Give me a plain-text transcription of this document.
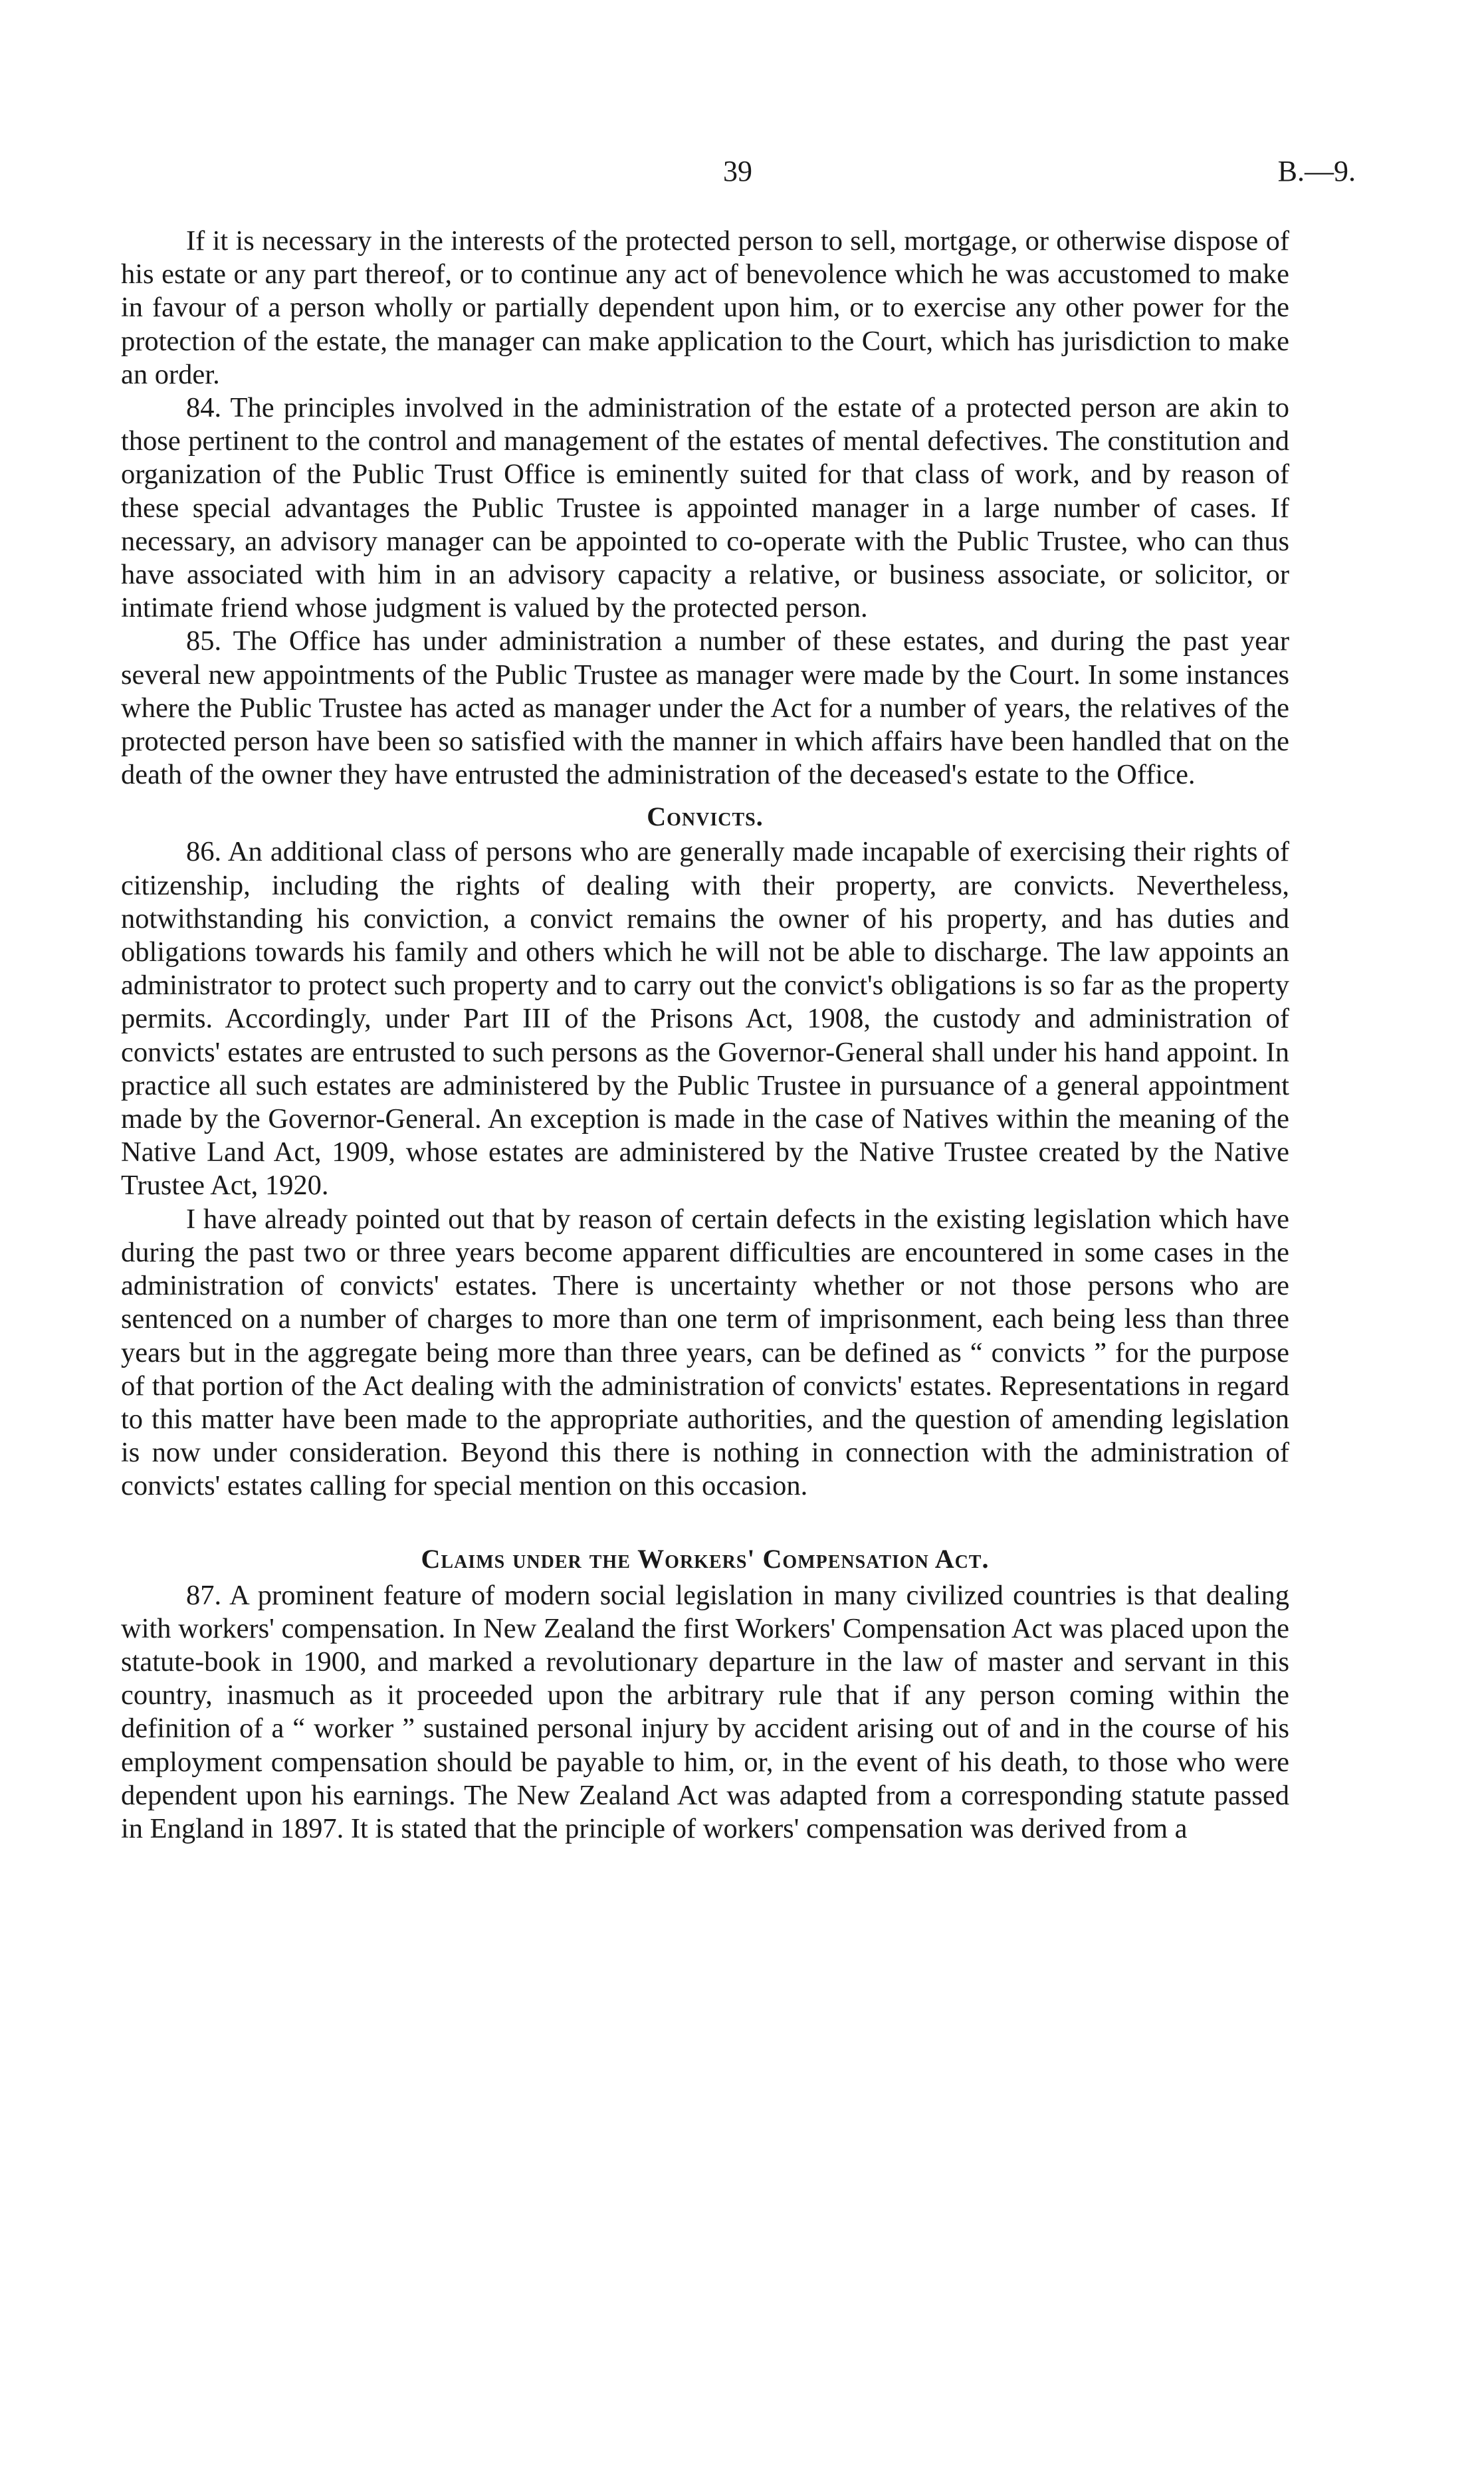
39	B.—9.

If it is necessary in the interests of the protected person to sell, mortgage, or otherwise dispose of his estate or any part thereof, or to continue any act of benevolence which he was accustomed to make in favour of a person wholly or partially dependent upon him, or to exercise any other power for the protection of the estate, the manager can make application to the Court, which has jurisdiction to make an order.

84. The principles involved in the administration of the estate of a protected person are akin to those pertinent to the control and management of the estates of mental defectives. The constitution and organization of the Public Trust Office is eminently suited for that class of work, and by reason of these special advantages the Public Trustee is appointed manager in a large number of cases. If necessary, an advisory manager can be appointed to co-operate with the Public Trustee, who can thus have associated with him in an advisory capacity a relative, or business associate, or solicitor, or intimate friend whose judgment is valued by the protected person.

85. The Office has under administration a number of these estates, and during the past year several new appointments of the Public Trustee as manager were made by the Court. In some instances where the Public Trustee has acted as manager under the Act for a number of years, the relatives of the protected person have been so satisfied with the manner in which affairs have been handled that on the death of the owner they have entrusted the administration of the deceased's estate to the Office.

Convicts.

86. An additional class of persons who are generally made incapable of exercising their rights of citizenship, including the rights of dealing with their property, are convicts. Nevertheless, notwithstanding his conviction, a convict remains the owner of his property, and has duties and obligations towards his family and others which he will not be able to discharge. The law appoints an administrator to protect such property and to carry out the convict's obligations is so far as the property permits. Accordingly, under Part III of the Prisons Act, 1908, the custody and administration of convicts' estates are entrusted to such persons as the Governor-General shall under his hand appoint. In practice all such estates are administered by the Public Trustee in pursuance of a general appointment made by the Governor-General. An exception is made in the case of Natives within the meaning of the Native Land Act, 1909, whose estates are administered by the Native Trustee created by the Native Trustee Act, 1920.

I have already pointed out that by reason of certain defects in the existing legislation which have during the past two or three years become apparent difficulties are encountered in some cases in the administration of convicts' estates. There is uncertainty whether or not those persons who are sentenced on a number of charges to more than one term of imprisonment, each being less than three years but in the aggregate being more than three years, can be defined as “ convicts ” for the purpose of that portion of the Act dealing with the administration of convicts' estates. Representations in regard to this matter have been made to the appropriate authorities, and the question of amending legislation is now under consideration. Beyond this there is nothing in connection with the administration of convicts' estates calling for special mention on this occasion.

Claims under the Workers' Compensation Act.

87. A prominent feature of modern social legislation in many civilized countries is that dealing with workers' compensation. In New Zealand the first Workers' Compensation Act was placed upon the statute-book in 1900, and marked a revolutionary departure in the law of master and servant in this country, inasmuch as it proceeded upon the arbitrary rule that if any person coming within the definition of a “ worker ” sustained personal injury by accident arising out of and in the course of his employment compensation should be payable to him, or, in the event of his death, to those who were dependent upon his earnings. The New Zealand Act was adapted from a corresponding statute passed in England in 1897. It is stated that the principle of workers' compensation was derived from a
